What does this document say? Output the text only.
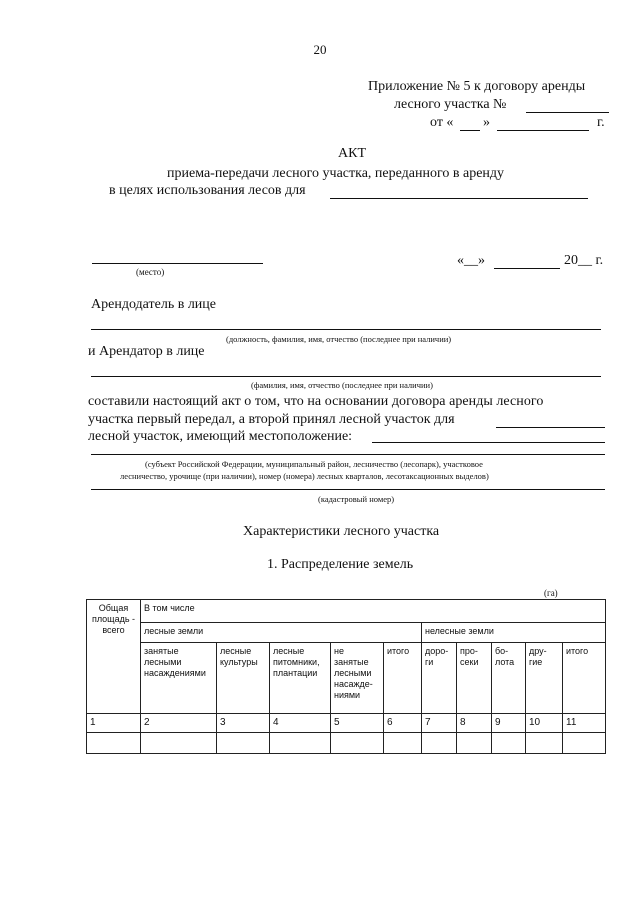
20
Приложение № 5 к договору аренды
лесного участка №
от « »	г.
АКТ
приема-передачи лесного участка, переданного в аренду
в целях использования лесов для
(место)
«__»	20__ г.
Арендодатель в лице
(должность, фамилия, имя, отчество (последнее при наличии)
и Арендатор в лице
(фамилия, имя, отчество (последнее при наличии)
составили настоящий акт о том, что на основании договора аренды лесного
участка первый передал, а второй принял лесной участок для
лесной участок, имеющий местоположение:
(субъект Российской Федерации, муниципальный район, лесничество (лесопарк), участковое
лесничество, урочище (при наличии), номер (номера) лесных кварталов, лесотаксационных выделов)
(кадастровый номер)
Характеристики лесного участка
1. Распределение земель
(га)
Общая площадь - всего	В том числе									
	лесные земли					нелесные земли				
	занятые лесными насаждениями	лесные культуры	лесные питомники, плантации	не занятые лесными насажде-ниями	итого	доро-ги	про-секи	бо-лота	дру-гие	итого
1	2	3	4	5	6	7	8	9	10	11
